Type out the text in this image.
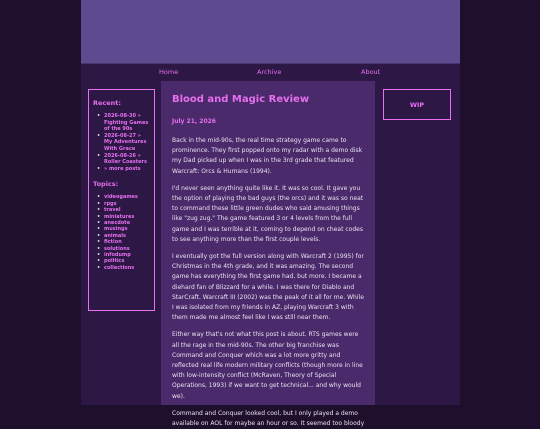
Home	Archive	About
Recent:
• 2026-08-30 » Fighting Games of the 90s
• 2026-08-27 » My Adventures With Grace
• 2026-08-26 » Roller Coasters
• » more posts
Topics:
• videogames
• rpgs
• travel
• miniatures
• anecdote
• musings
• animals
• fiction
• solutions
• infodump
• politics
• collections
Blood and Magic Review
July 21, 2026

Back in the mid-90s, the real time strategy game came to prominence. They first popped onto my radar with a demo disk my Dad picked up when I was in the 3rd grade that featured Warcraft: Orcs & Humans (1994).

I'd never seen anything quite like it. It was so cool. It gave you the option of playing the bad guys (the orcs) and it was so neat to command these little green dudes who said amusing things like "zug zug." The game featured 3 or 4 levels from the full game and I was terrible at it, coming to depend on cheat codes to see anything more than the first couple levels.

I eventually got the full version along with Warcraft 2 (1995) for Christmas in the 4th grade, and it was amazing. The second game has everything the first game had, but more. I became a diehard fan of Blizzard for a while. I was there for Diablo and StarCraft. Warcraft III (2002) was the peak of it all for me. While I was isolated from my friends in AZ, playing Warcraft 3 with them made me almost feel like I was still near them.

Either way that's not what this post is about. RTS games were all the rage in the mid-90s. The other big franchise was Command and Conquer which was a lot more gritty and reflected real life modern military conflicts (though more in line with low-intensity conflict (McRaven, Theory of Special Operations, 1993) if we want to get technical... and why would we).

Command and Conquer looked cool, but I only played a demo available on AOL for maybe an hour or so. It seemed too bloody

WIP
